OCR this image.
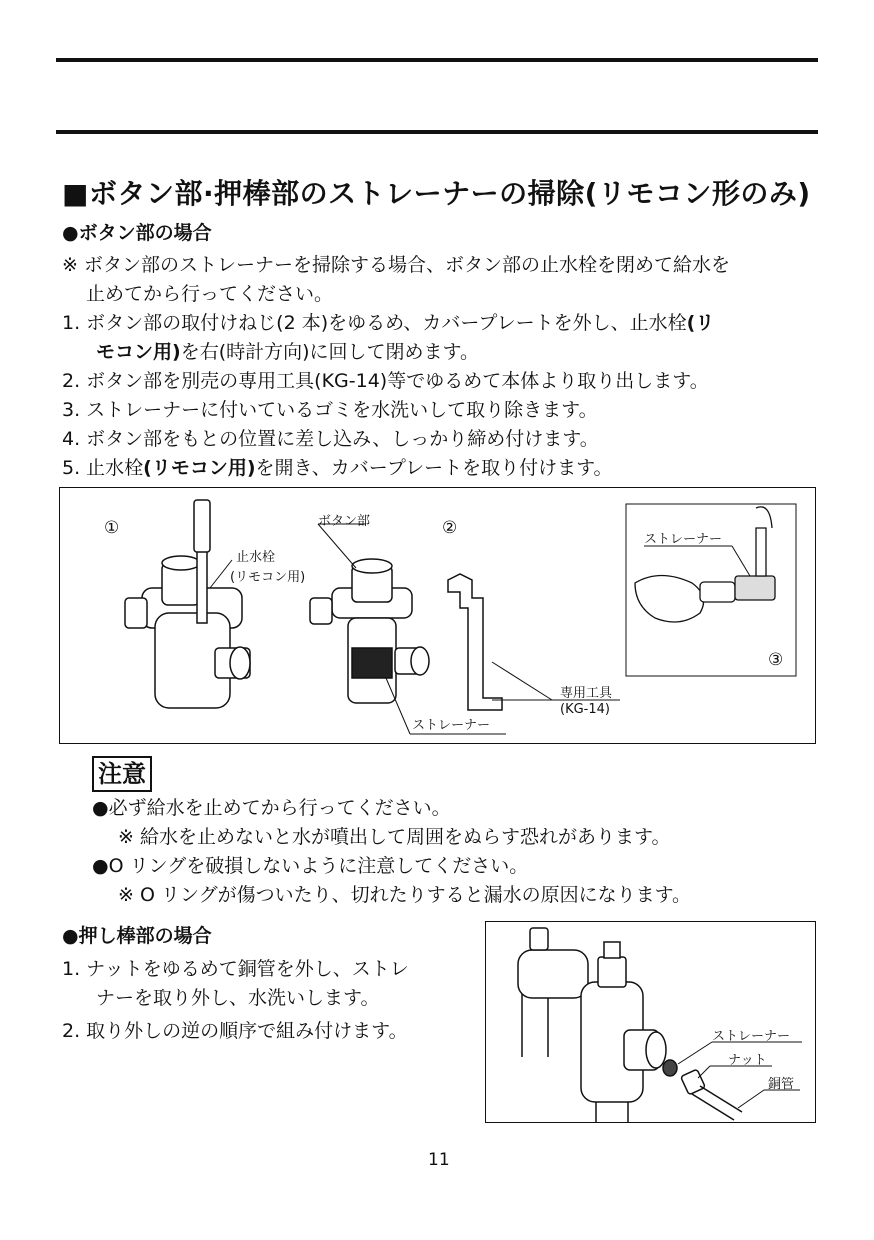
■ボタン部·押棒部のストレーナーの掃除(リモコン形のみ)
●ボタン部の場合
※ ボタン部のストレーナーを掃除する場合、ボタン部の止水栓を閉めて給水を
止めてから行ってください。
1. ボタン部の取付けねじ(2 本)をゆるめ、カバープレートを外し、止水栓(リ
モコン用)を右(時計方向)に回して閉めます。
2. ボタン部を別売の専用工具(KG-14)等でゆるめて本体より取り出します。
3. ストレーナーに付いているゴミを水洗いして取り除きます。
4. ボタン部をもとの位置に差し込み、しっかり締め付けます。
5. 止水栓(リモコン用)を開き、カバープレートを取り付けます。
①	②
③
ボタン部
止水栓
(リモコン用)
ストレーナー
専用工具
(KG-14)
ストレーナー
注意
●必ず給水を止めてから行ってください。
※ 給水を止めないと水が噴出して周囲をぬらす恐れがあります。
●O リングを破損しないように注意してください。
※ O リングが傷ついたり、切れたりすると漏水の原因になります。
●押し棒部の場合
1. ナットをゆるめて銅管を外し、ストレ
ナーを取り外し、水洗いします。
2. 取り外しの逆の順序で組み付けます。	ストレーナー
ナット
銅管
11
